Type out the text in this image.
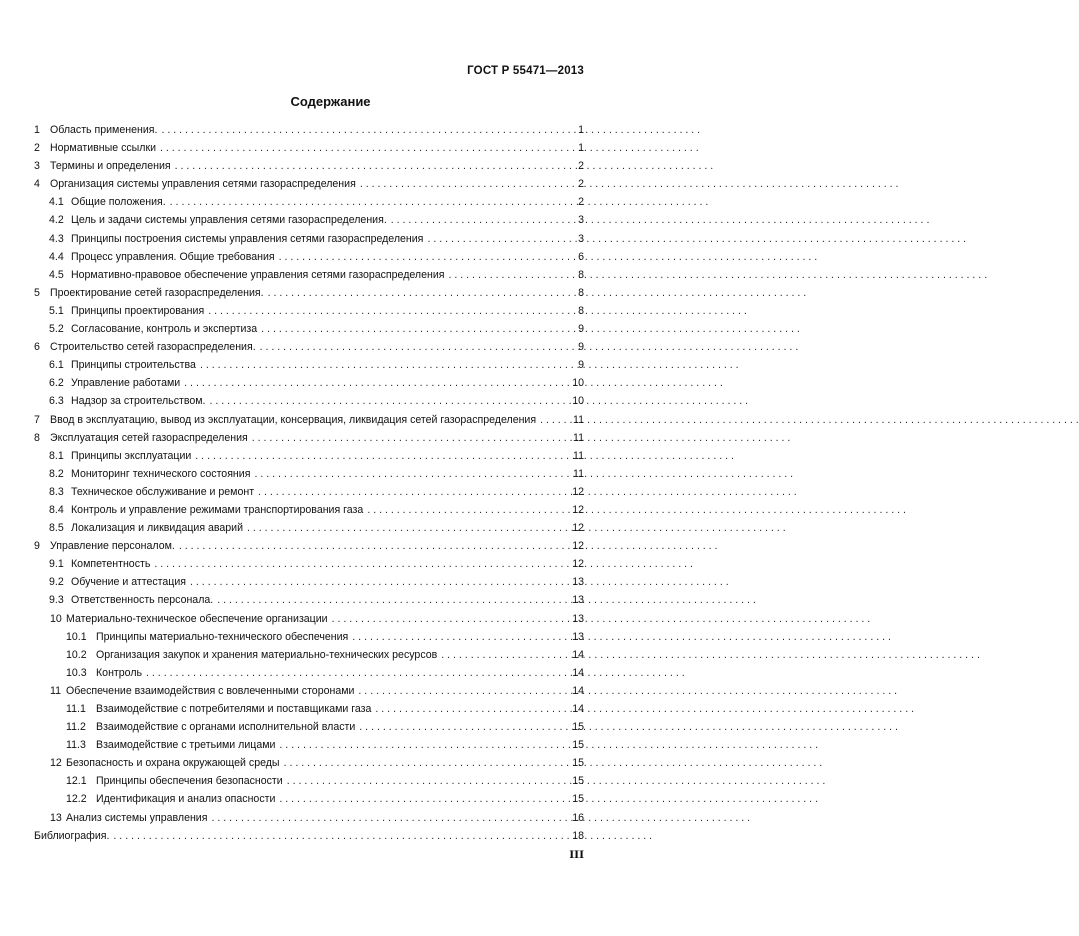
ГОСТ Р 55471—2013
Содержание
1 Область применения. . . .	1
2 Нормативные ссылки . . .	1
3 Термины и определения . . .	2
4 Организация системы управления сетями газораспределения . . .	2
4.1 Общие положения. . . .	2
4.2 Цель и задачи системы управления сетями газораспределения. . . .	3
4.3 Принципы построения системы управления сетями газораспределения . . .	3
4.4 Процесс управления. Общие требования . . .	6
4.5 Нормативно-правовое обеспечение управления сетями газораспределения . . .	8
5 Проектирование сетей газораспределения. . . .	8
5.1 Принципы проектирования . . .	8
5.2 Согласование, контроль и экспертиза . . .	9
6 Строительство сетей газораспределения. . . .	9
6.1 Принципы строительства . . .	9
6.2 Управление работами . . .	10
6.3 Надзор за строительством. . . .	10
7 Ввод в эксплуатацию, вывод из эксплуатации, консервация, ликвидация сетей газораспределения . . .	11
8 Эксплуатация сетей газораспределения . . .	11
8.1 Принципы эксплуатации . . .	11
8.2 Мониторинг технического состояния . . .	11
8.3 Техническое обслуживание и ремонт . . .	12
8.4 Контроль и управление режимами транспортирования газа . . .	12
8.5 Локализация и ликвидация аварий . . .	12
9 Управление персоналом. . . .	12
9.1 Компетентность . . .	12
9.2 Обучение и аттестация . . .	13
9.3 Ответственность персонала. . . .	13
10 Материально-техническое обеспечение организации . . .	13
10.1 Принципы материально-технического обеспечения . . .	13
10.2 Организация закупок и хранения материально-технических ресурсов . . .	14
10.3 Контроль . . .	14
11 Обеспечение взаимодействия с вовлеченными сторонами . . .	14
11.1 Взаимодействие с потребителями и поставщиками газа . . .	14
11.2 Взаимодействие с органами исполнительной власти . . .	15
11.3 Взаимодействие с третьими лицами . . .	15
12 Безопасность и охрана окружающей среды . . .	15
12.1 Принципы обеспечения безопасности . . .	15
12.2 Идентификация и анализ опасности . . .	15
13 Анализ системы управления . . .	16
Библиография. . . .	18
III
